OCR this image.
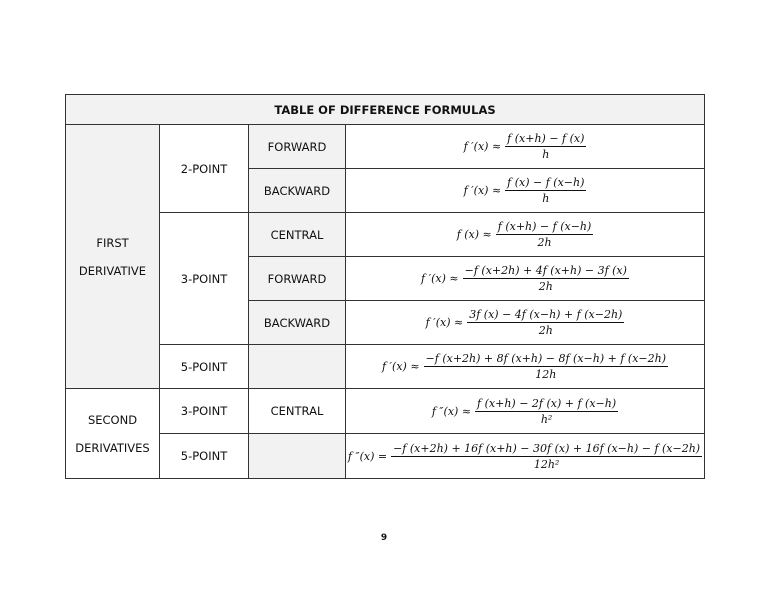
TABLE OF DIFFERENCE FORMULAS			

FIRST
DERIVATIVE	2-POINT	FORWARD	f $'(x) \approx \frac{f (x+h) - f (x)}{h}$

		BACKWARD	f $'(x) \approx \frac{f (x) - f (x-h)}{h}$

	3-POINT	CENTRAL	f $(x) \approx \frac{f (x+h) - f (x-h)}{2h}$

		FORWARD	f $'(x) \approx \frac{-f (x+2h) + 4f (x+h) - 3f (x)}{2h}$

		BACKWARD	f $'(x) \approx \frac{3f (x) - 4f (x-h) + f (x-2h)}{2h}$

	5-POINT		f $'(x) \approx \frac{-f (x+2h) + 8f (x+h) - 8f (x-h) + f (x-2h)}{12h}$

SECOND
DERIVATIVES	3-POINT	CENTRAL	f $''(x) \approx \frac{f (x+h) - 2f (x) + f (x-h)}{\text{h²}}$

	5-POINT		f $''(x) = \frac{-f (x+2h) + 16f (x+h) - 30f (x) + 16f (x-h) - f (x-2h)}{\text{12h²}}$
9
